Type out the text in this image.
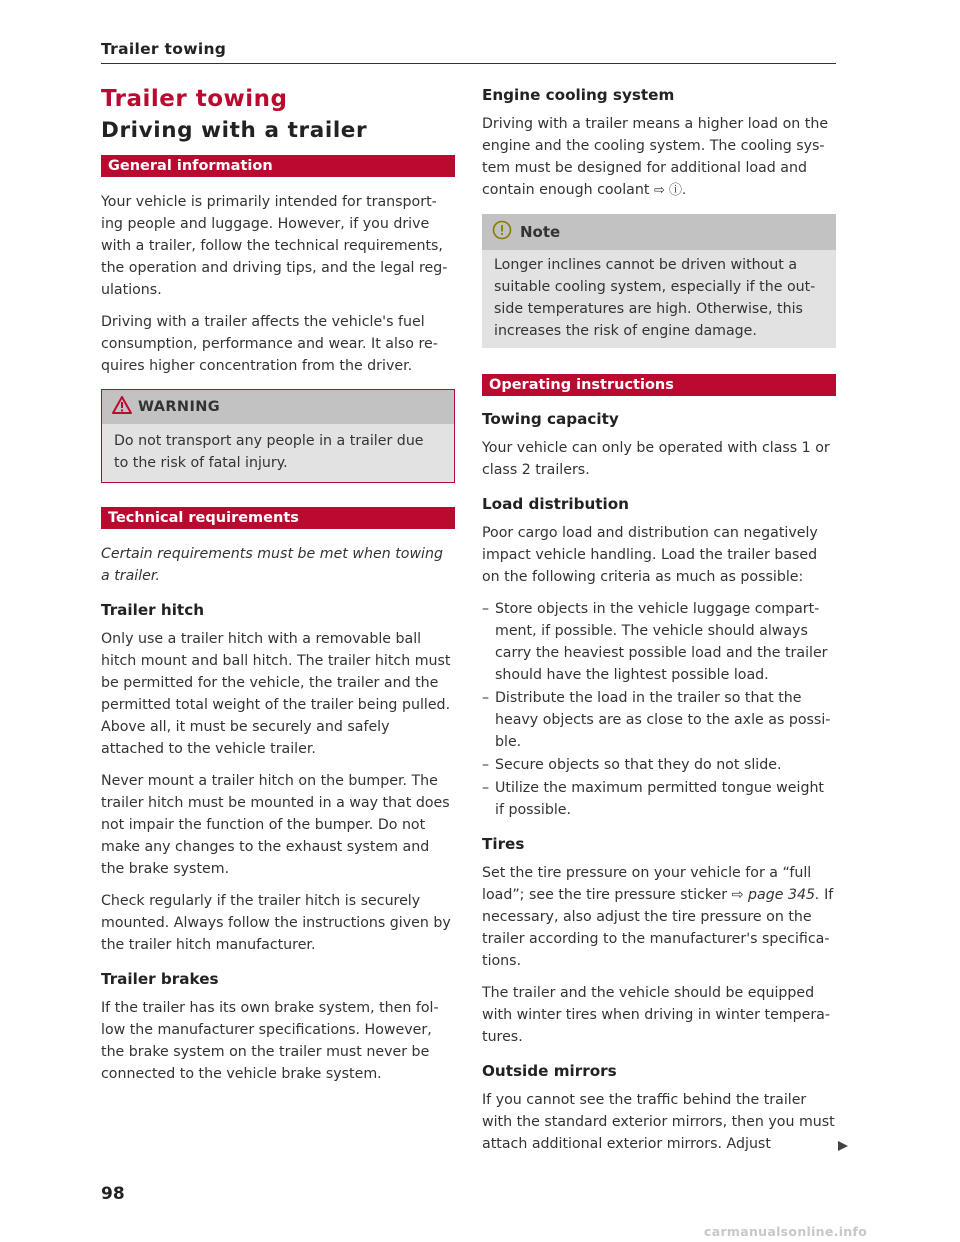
Trailer towing
Trailer towing
Driving with a trailer
General information

Your vehicle is primarily intended for transport-ing people and luggage. However, if you drive with a trailer, follow the technical requirements, the operation and driving tips, and the legal reg-ulations.

Driving with a trailer affects the vehicle's fuel consumption, performance and wear. It also re-quires higher concentration from the driver.

WARNING

Do not transport any people in a trailer due to the risk of fatal injury.

Technical requirements

Certain requirements must be met when towing a trailer.

Trailer hitch

Only use a trailer hitch with a removable ball hitch mount and ball hitch. The trailer hitch must be permitted for the vehicle, the trailer and the permitted total weight of the trailer being pulled. Above all, it must be securely and safely attached to the vehicle trailer.

Never mount a trailer hitch on the bumper. The trailer hitch must be mounted in a way that does not impair the function of the bumper. Do not make any changes to the exhaust system and the brake system.

Check regularly if the trailer hitch is securely mounted. Always follow the instructions given by the trailer hitch manufacturer.

Trailer brakes

If the trailer has its own brake system, then fol-low the manufacturer specifications. However, the brake system on the trailer must never be connected to the vehicle brake system.

Engine cooling system

Driving with a trailer means a higher load on the engine and the cooling system. The cooling sys-tem must be designed for additional load and contain enough coolant ⇨ ⓘ.

Note

Longer inclines cannot be driven without a suitable cooling system, especially if the out-side temperatures are high. Otherwise, this increases the risk of engine damage.

Operating instructions
Towing capacity

Your vehicle can only be operated with class 1 or class 2 trailers.

Load distribution

Poor cargo load and distribution can negatively impact vehicle handling. Load the trailer based on the following criteria as much as possible:

– Store objects in the vehicle luggage compart-ment, if possible. The vehicle should always carry the heaviest possible load and the trailer should have the lightest possible load.
– Distribute the load in the trailer so that the heavy objects are as close to the axle as possi-ble.
– Secure objects so that they do not slide.
– Utilize the maximum permitted tongue weight if possible.
Tires

Set the tire pressure on your vehicle for a “full load”; see the tire pressure sticker ⇨ page 345. If necessary, also adjust the tire pressure on the trailer according to the manufacturer's specifica-tions.

The trailer and the vehicle should be equipped with winter tires when driving in winter tempera-tures.

Outside mirrors

If you cannot see the traffic behind the trailer with the standard exterior mirrors, then you must attach additional exterior mirrors. Adjust

98
carmanualsonline.info
